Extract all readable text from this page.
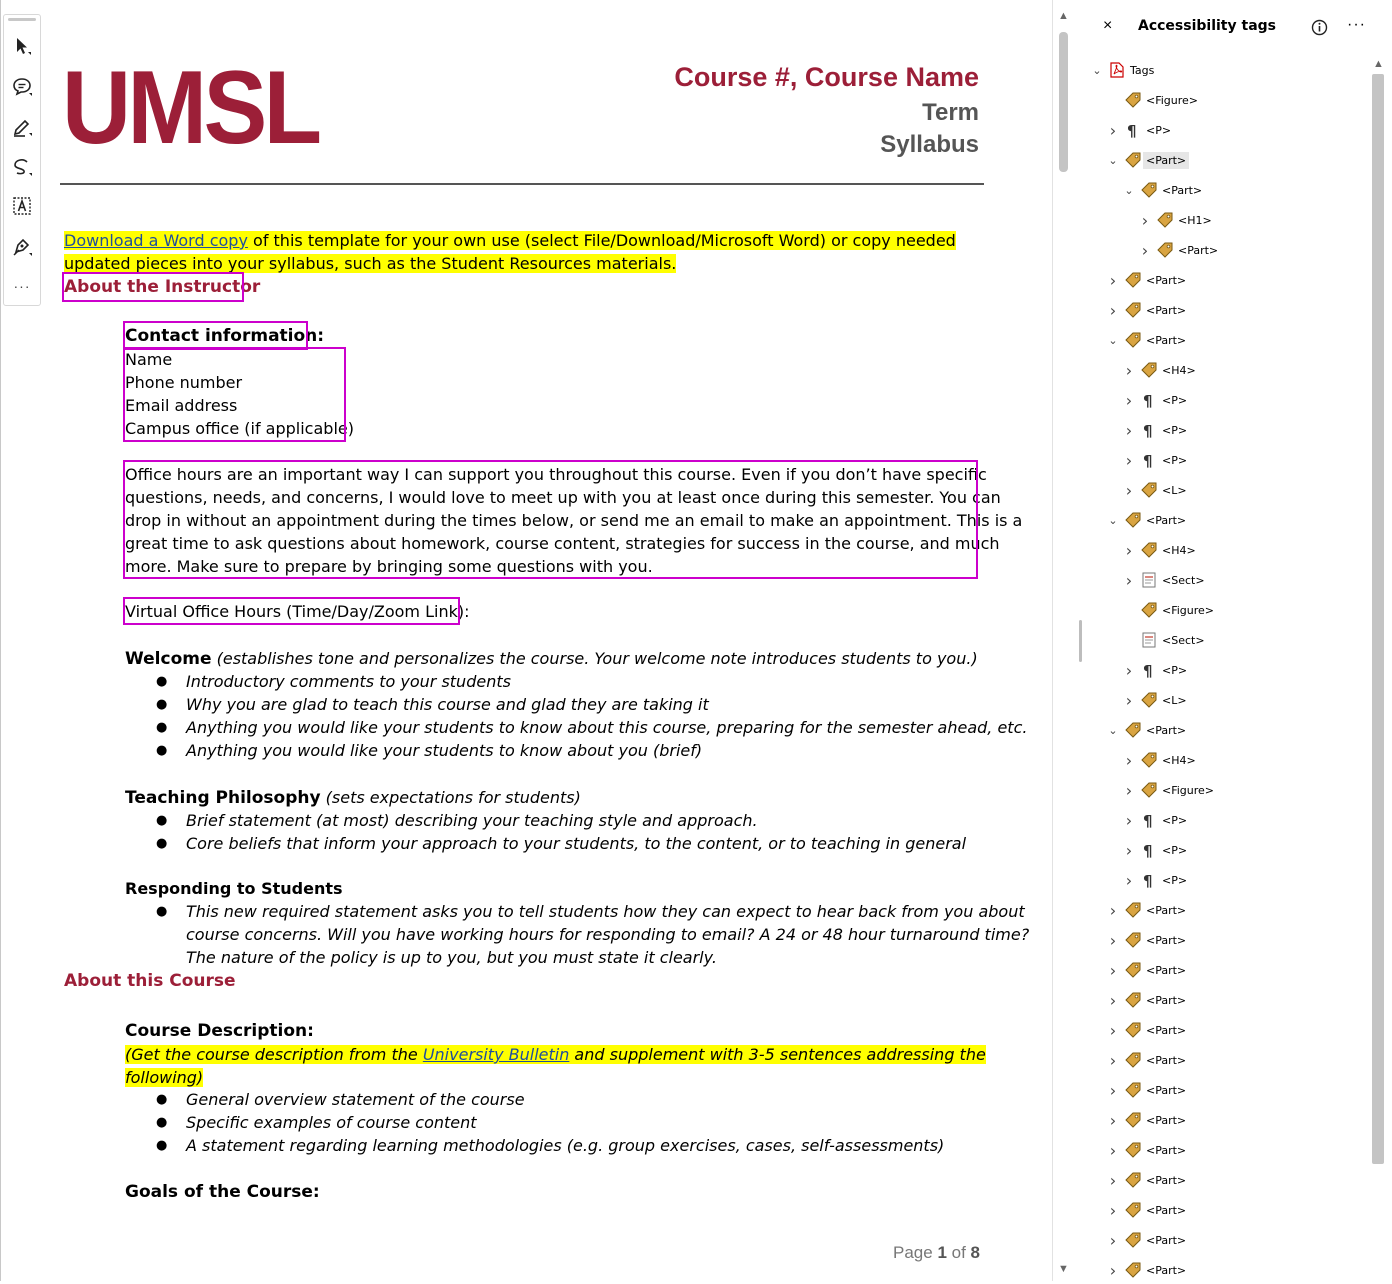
UMSL	Course #, Course Name
Term
Syllabus
Download a Word copy of this template for your own use (select File/Download/Microsoft Word) or copy needed
updated pieces into your syllabus, such as the Student Resources materials.
About the Instructor
Contact information:
Name
Phone number
Email address
Campus office (if applicable)
Office hours are an important way I can support you throughout this course. Even if you don’t have specific
questions, needs, and concerns, I would love to meet up with you at least once during this semester. You can
drop in without an appointment during the times below, or send me an email to make an appointment. This is a
great time to ask questions about homework, course content, strategies for success in the course, and much
more. Make sure to prepare by bringing some questions with you.
Virtual Office Hours (Time/Day/Zoom Link):
Welcome (establishes tone and personalizes the course. Your welcome note introduces students to you.)
● Introductory comments to your students
● Why you are glad to teach this course and glad they are taking it
● Anything you would like your students to know about this course, preparing for the semester ahead, etc.
● Anything you would like your students to know about you (brief)
Teaching Philosophy (sets expectations for students)
● Brief statement (at most) describing your teaching style and approach.
● Core beliefs that inform your approach to your students, to the content, or to teaching in general
Responding to Students
● This new required statement asks you to tell students how they can expect to hear back from you about
course concerns. Will you have working hours for responding to email? A 24 or 48 hour turnaround time?
The nature of the policy is up to you, but you must state it clearly.
About this Course
Course Description:
(Get the course description from the University Bulletin and supplement with 3-5 sentences addressing the
following)
● General overview statement of the course
● Specific examples of course content
● A statement regarding learning methodologies (e.g. group exercises, cases, self-assessments)
Goals of the Course:
Page 1 of 8
···
▲
▼
× Accessibility tags	···
▲
⌄	Tags
<Figure>
› ¶ <P>
⌄	<Part>
⌄	<Part>
›	<H1>
›	<Part>
›	<Part>
›	<Part>
⌄	<Part>
›	<H4>
› ¶ <P>
› ¶ <P>
› ¶ <P>
›	<L>
⌄	<Part>
›	<H4>
›	<Sect>
<Figure>
<Sect>
› ¶ <P>
›	<L>
⌄	<Part>
›	<H4>
›	<Figure>
› ¶ <P>
› ¶ <P>
› ¶ <P>
›	<Part>
›	<Part>
›	<Part>
›	<Part>
›	<Part>
›	<Part>
›	<Part>
›	<Part>
›	<Part>
›	<Part>
›	<Part>
›	<Part>
›	<Part>
